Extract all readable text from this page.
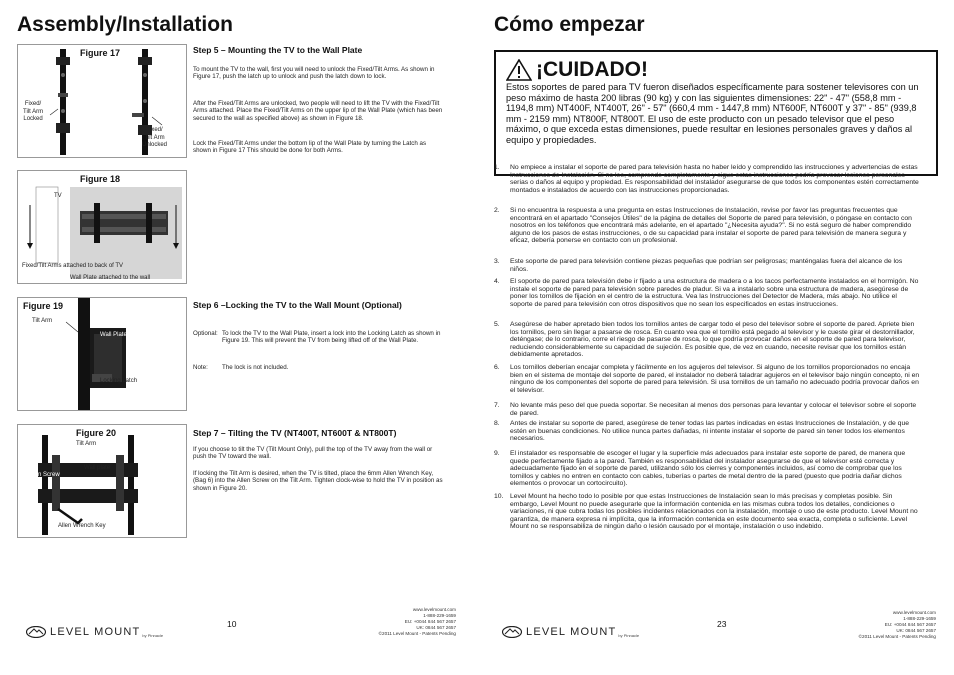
Assembly/Installation
Figure 17
Fixed/
Tilt Arm
Locked
Fixed/
Tilt Arm
Unlocked
Step 5 – Mounting the TV to the Wall Plate
To mount the TV to the wall, first you will need to unlock the Fixed/Tilt Arms. As shown in Figure 17, push the latch up to unlock and push the latch down to lock.
After the Fixed/Tilt Arms are unlocked, two people will need to lift the TV with the Fixed/Tilt Arms attached. Place the Fixed/Tilt Arms on the upper lip of the Wall Plate (which has been secured to the wall as specified above) as shown in Figure 18.
Lock the Fixed/Tilt Arms under the bottom lip of the Wall Plate by turning the Latch as shown in Figure 17 This should be done for both Arms.
Figure 18
TV
Fixed/Tilt Arms attached to back of TV
Wall Plate attached to the wall
Figure 19
Tilt Arm
Wall Plate
Locking Latch
Step 6 –Locking the TV to the Wall Mount (Optional)
Optional: To lock the TV to the Wall Plate, insert a lock into the Locking Latch as shown in Figure 19. This will prevent the TV from being lifted off of the Wall Plate.
Note:	The lock is not included.
Figure 20
Tilt Arm
Wall plate
Allen Screw
Allen Wrench Key
Step 7 – Tilting the TV (NT400T, NT600T & NT800T)
If you choose to tilt the TV (Tilt Mount Only), pull the top of the TV away from the wall or push the TV toward the wall.
If locking the Tilt Arm is desired, when the TV is tilted, place the 6mm Allen Wrench Key, (Bag 6) into the Allen Screw on the Tilt Arm. Tighten clock-wise to hold the TV in position as shown in Figure 20.
LEVEL MOUNT by Pinnacle
10
www.levelmount.com
1-888-229-1659
EU: +0044 844 567 2657
UK: 0844 567 2657
©2011 Level Mount - Patents Pending
Cómo empezar
¡CUIDADO!
Estos soportes de pared para TV fueron diseñados específicamente para sostener televisores con un peso máximo de hasta 200 libras (90 kg) y con las siguientes dimensiones: 22" - 47" (558,8 mm - 1194,8 mm) NT400F, NT400T, 26" - 57" (660,4 mm - 1447,8 mm) NT600F, NT600T y 37" - 85" (939,8 mm - 2159 mm) NT800F, NT800T. El uso de este producto con un pesado televisor que el peso máximo, o que exceda estas dimensiones, puede resultar en lesiones personales graves y daños al equipo y propiedades.
1. No empiece a instalar el soporte de pared para televisión hasta no haber leído y comprendido las instrucciones y advertencias de estas Instrucciones de Instalación. Si no lee, comprende completamente y sigue estas instrucciones podría provocar lesiones personales serias o daños al equipo y propiedad. Es responsabilidad del instalador asegurarse de que todos los componentes estén correctamente montados e instalados de acuerdo con las instrucciones proporcionadas.
2. Si no encuentra la respuesta a una pregunta en estas Instrucciones de Instalación, revise por favor las preguntas frecuentes que encontrará en el apartado "Consejos Útiles" de la página de detalles del Soporte de pared para televisión, o póngase en contacto con nosotros en los teléfonos que encontrará más adelante, en el apartado "¿Necesita ayuda?". Si no está seguro de haber comprendido alguno de los pasos de estas instrucciones, o de su capacidad para instalar el soporte de pared para televisión de manera segura y eficaz, debería ponerse en contacto con un profesional.
3. Este soporte de pared para televisión contiene piezas pequeñas que podrían ser peligrosas; manténgalas fuera del alcance de los niños.
4. El soporte de pared para televisión debe ir fijado a una estructura de madera o a los tacos perfectamente instalados en el hormigón. No instale el soporte de pared para televisión sobre paredes de pladur. Si va a instalarlo sobre una estructura de madera, asegúrese de poner los tornillos de fijación en el centro de la estructura. Vea las Instrucciones del Detector de Madera, más abajo. No utilice el soporte de pared para televisión con otros dispositivos que no sean los especificados en estas instrucciones.
5. Asegúrese de haber apretado bien todos los tornillos antes de cargar todo el peso del televisor sobre el soporte de pared. Apriete bien los tornillos, pero sin llegar a pasarse de rosca. En cuanto vea que el tornillo está pegado al televisor y le cueste girar el destornillador, deténgase; de lo contrario, corre el riesgo de pasarse de rosca, lo que podría provocar daños en el soporte de pared para televisor, reduciendo considerablemente su capacidad de sujeción. Es posible que, de vez en cuando, necesite revisar que los tornillos están debidamente apretados.
6. Los tornillos deberían encajar completa y fácilmente en los agujeros del televisor. Si alguno de los tornillos proporcionados no encaja bien en el sistema de montaje del soporte de pared, el instalador no deberá taladrar agujeros en el televisor bajo ningún concepto, ni en ninguno de los componentes del soporte de pared para televisión. Si usa tornillos de un tamaño no adecuado podría provocar daños en el televisor.
7. No levante más peso del que pueda soportar. Se necesitan al menos dos personas para levantar y colocar el televisor sobre el soporte de pared.
8. Antes de instalar su soporte de pared, asegúrese de tener todas las partes indicadas en estas Instrucciones de Instalación, y de que estén en buenas condiciones. No utilice nunca partes dañadas, ni intente instalar el soporte de pared sin tener todos los elementos necesarios.
9. El instalador es responsable de escoger el lugar y la superficie más adecuados para instalar este soporte de pared, de manera que quede perfectamente fijado a la pared. También es responsabilidad del instalador asegurarse de que el televisor esté correcta y adecuadamente fijado en el soporte de pared, utilizando sólo los cierres y componentes incluidos, así como de comprobar que los tornillos y cables no entren en contacto con cables, tuberías o partes de metal dentro de la pared (puesto que podría dañar dichos elementos o provocar un cortocircuito).
10. Level Mount ha hecho todo lo posible por que estas Instrucciones de Instalación sean lo más precisas y completas posible. Sin embargo, Level Mount no puede asegurarle que la información contenida en las mismas cubra todos los detalles, condiciones o variaciones, ni que cubra todas los posibles incidentes relacionados con la instalación, montaje o uso de este producto. Level Mount no garantiza, de manera expresa ni implícita, que la información contenida en este documento sea exacta, completa o suficiente. Level Mount no se responsabiliza de ningún daño o lesión causado por el montaje, instalación o uso indebido.
LEVEL MOUNT by Pinnacle
23
www.levelmount.com
1-888-229-1659
EU: +0044 844 567 2657
UK: 0844 567 2657
©2011 Level Mount - Patents Pending
